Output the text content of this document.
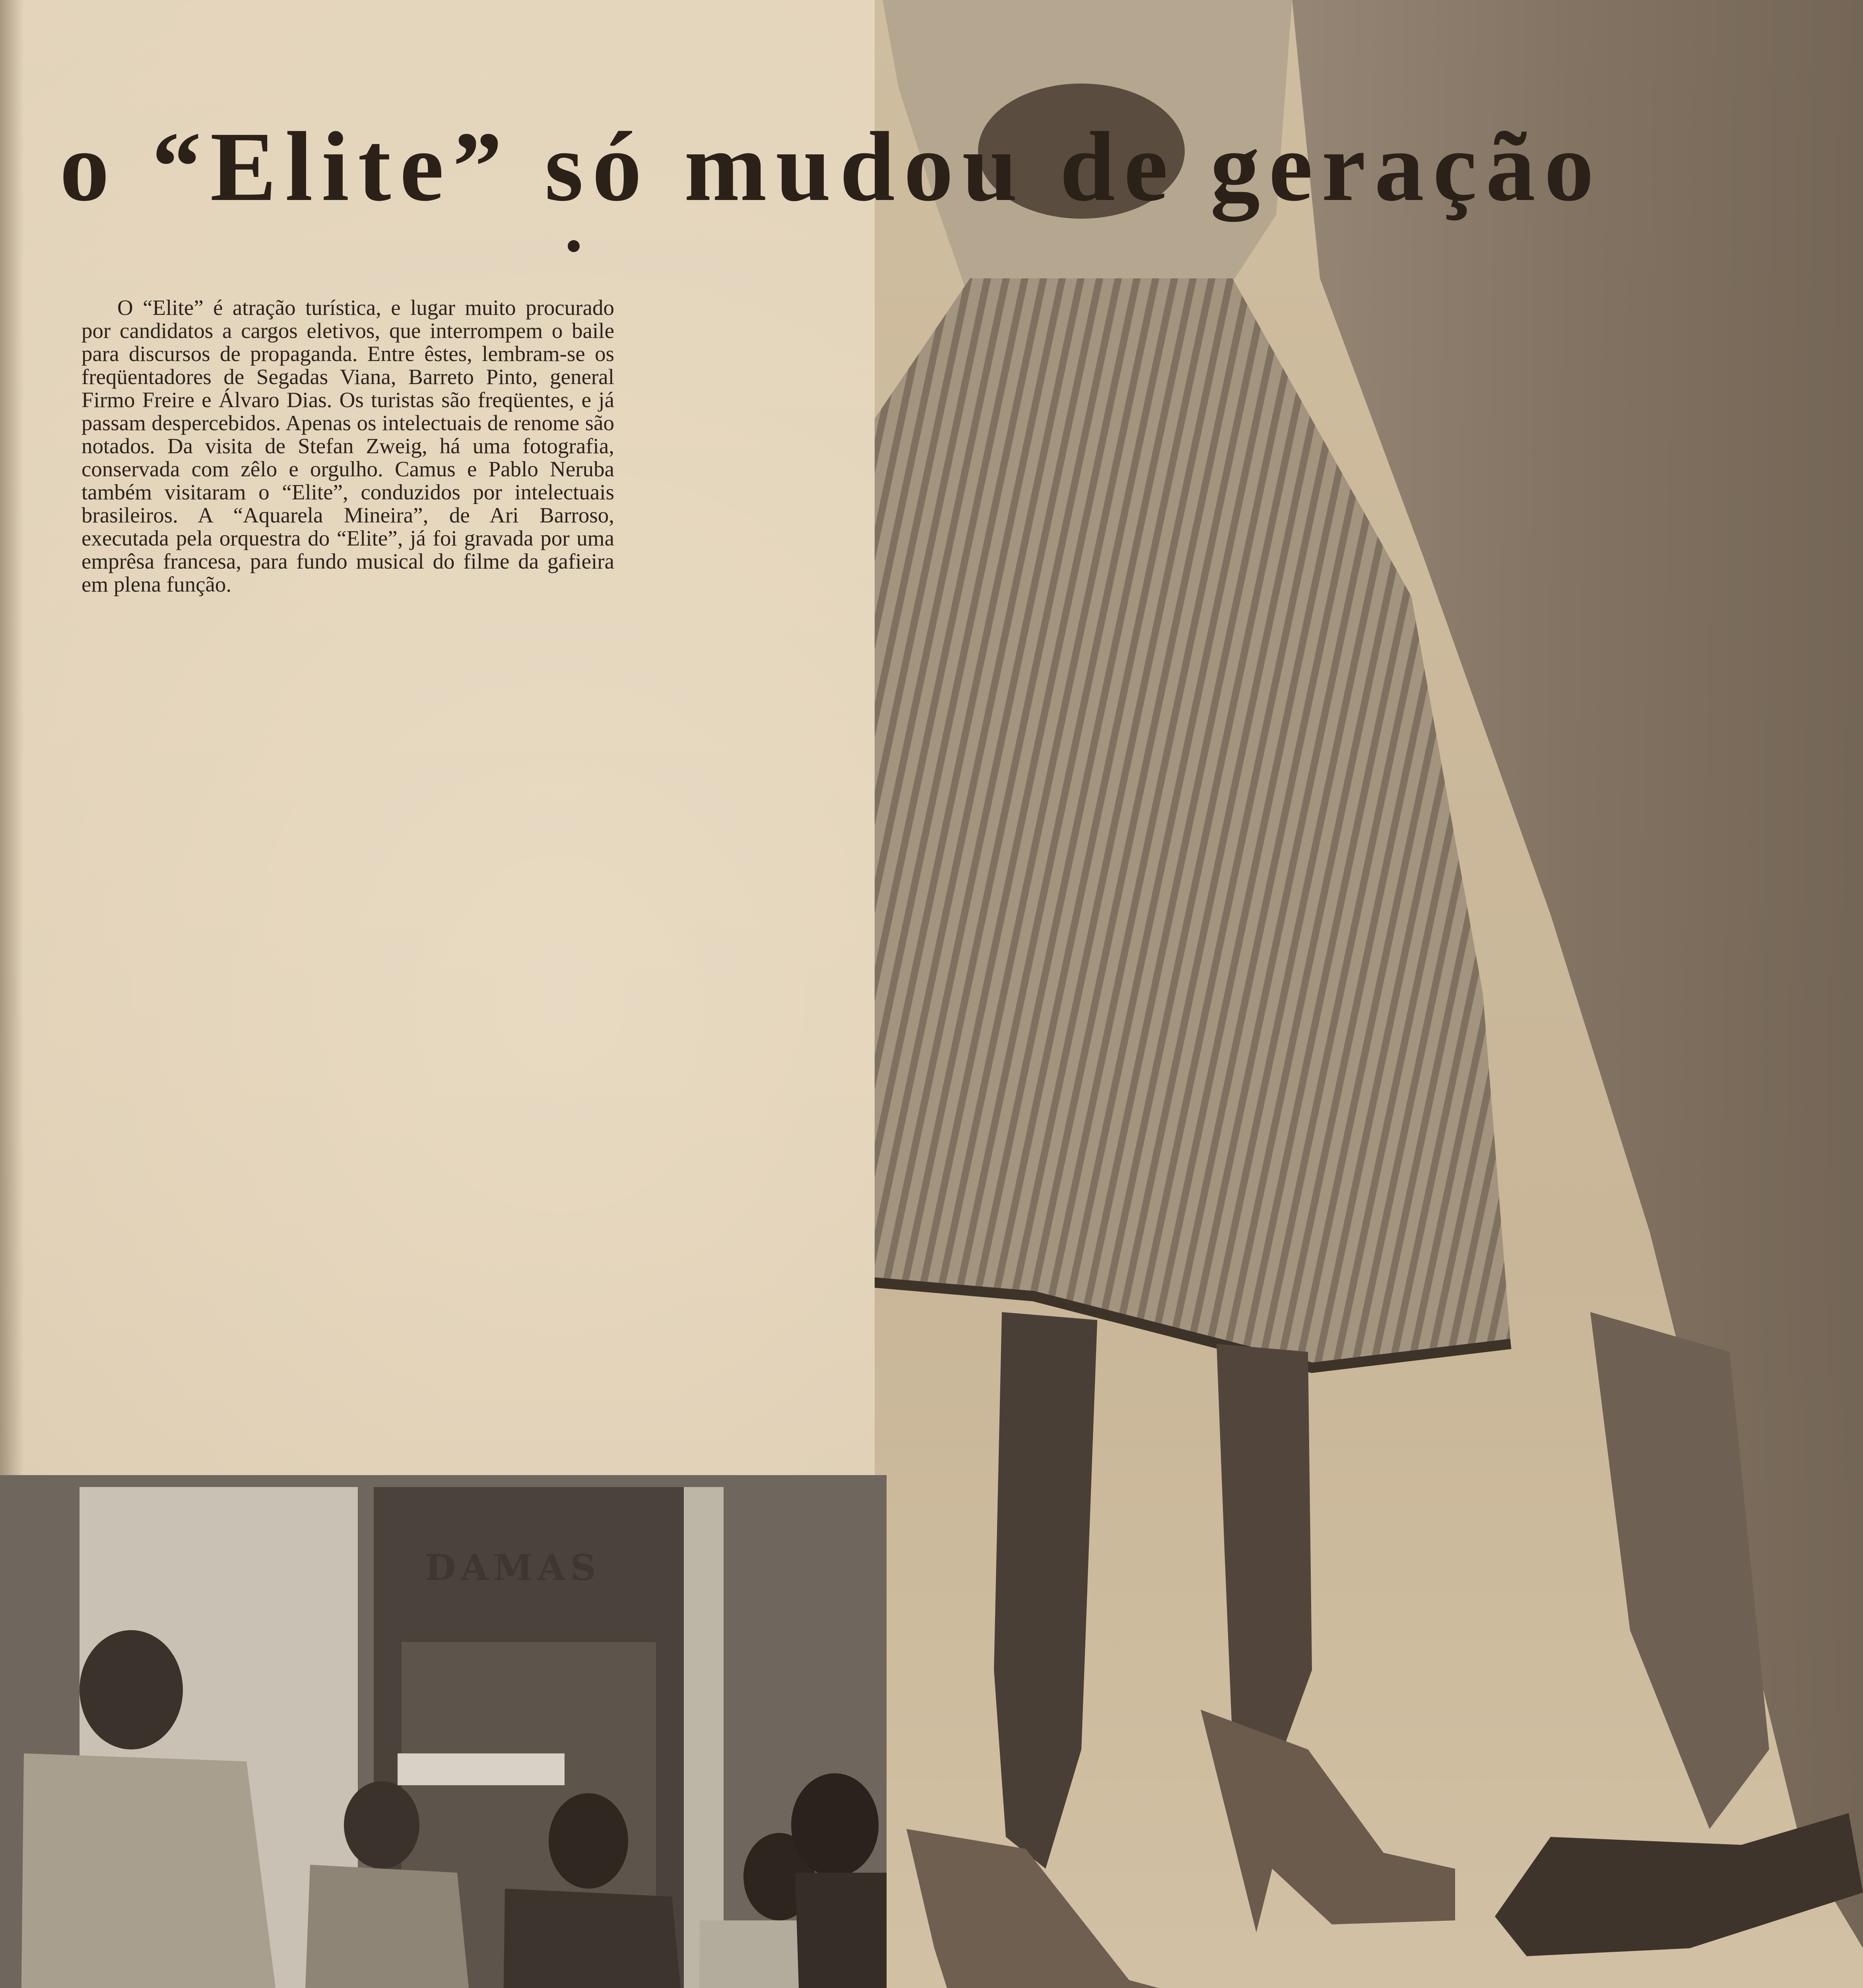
o “Elite” só mudou de geração

O “Elite” é atração turística, e lugar muito procurado por candidatos a cargos eletivos, que interrompem o baile para discursos de propaganda. Entre êstes, lembram-se os freqüentadores de Segadas Viana, Barreto Pinto, general Firmo Freire e Álvaro Dias. Os turistas são freqüentes, e já passam despercebidos. Apenas os intelectuais de renome são notados. Da visita de Stefan Zweig, há uma fotografia, conservada com zêlo e orgulho. Camus e Pablo Neruba também visitaram o “Elite”, conduzidos por intelectuais brasileiros. A “Aquarela Mineira”, de Ari Barroso, executada pela orquestra do “Elite”, já foi gravada por uma emprêsa francesa, para fundo musical do filme da gafieira em plena função.

DAMAS
